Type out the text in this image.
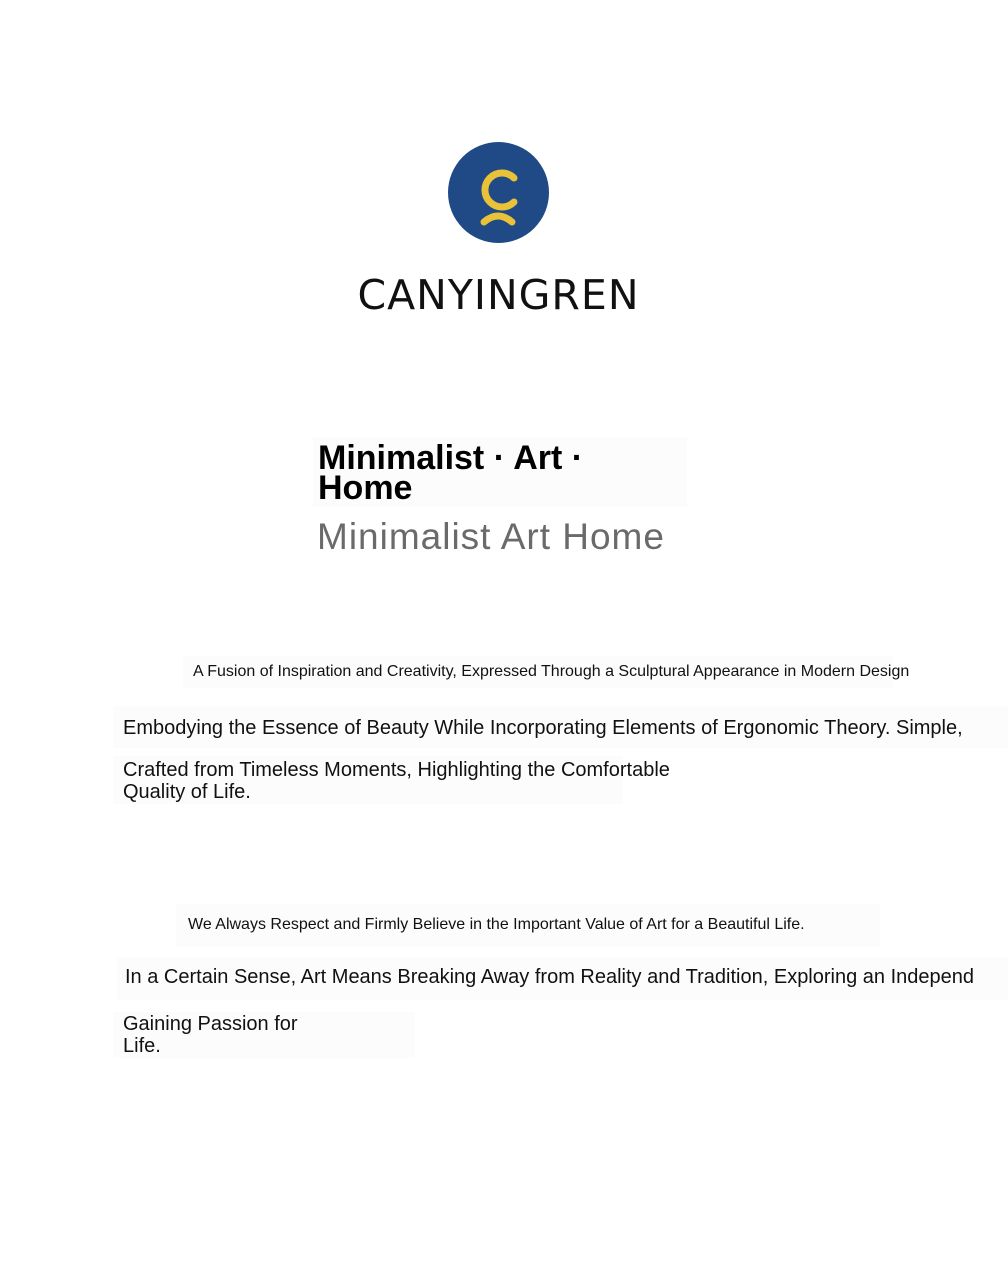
CANYINGREN
Minimalist · Art · Home
Minimalist Art Home
A Fusion of Inspiration and Creativity, Expressed Through a Sculptural Appearance in Modern Design
Embodying the Essence of Beauty While Incorporating Elements of Ergonomic Theory. Simple,
Crafted from Timeless Moments, Highlighting the Comfortable
Quality of Life.
We Always Respect and Firmly Believe in the Important Value of Art for a Beautiful Life.
In a Certain Sense, Art Means Breaking Away from Reality and Tradition, Exploring an Independ
Gaining Passion for
Life.
